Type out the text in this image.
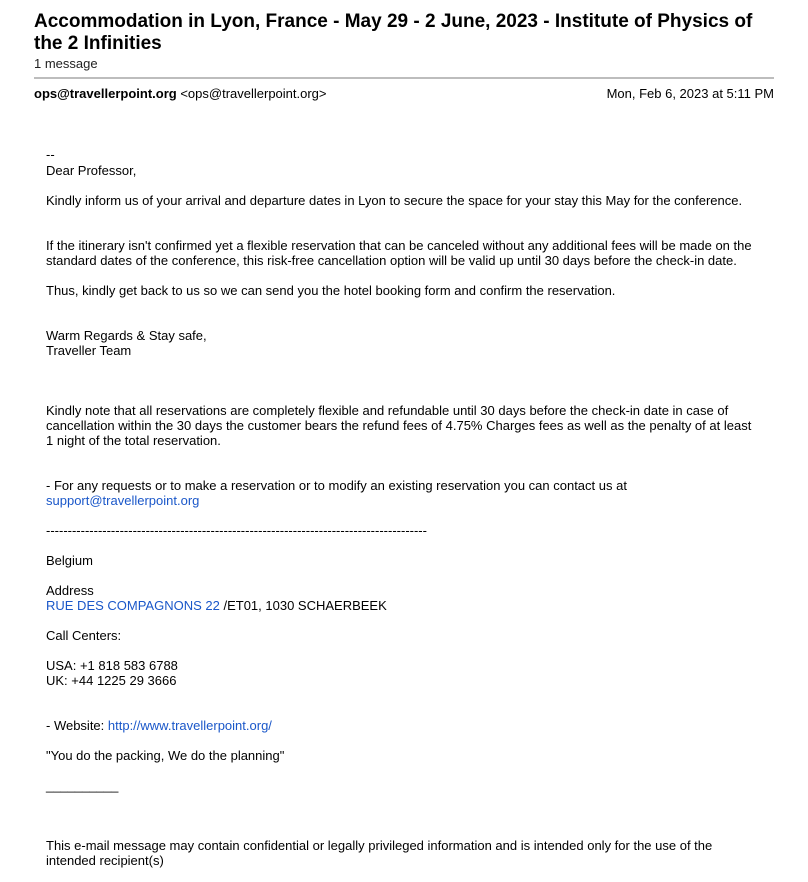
Accommodation in Lyon, France - May 29 - 2 June, 2023 - Institute of Physics of the 2 Infinities
1 message
ops@travellerpoint.org <ops@travellerpoint.org>	Mon, Feb 6, 2023 at 5:11 PM
--
Dear Professor,
Kindly inform us of your arrival and departure dates in Lyon to secure the space for your stay this May for the conference.
If the itinerary isn't confirmed yet a flexible reservation that can be canceled without any additional fees will be made on the standard dates of the conference, this risk-free cancellation option will be valid up until 30 days before the check-in date.
Thus, kindly get back to us so we can send you the hotel booking form and confirm the reservation.
Warm Regards & Stay safe,
Traveller Team
Kindly note that all reservations are completely flexible and refundable until 30 days before the check-in date in case of cancellation within the 30 days the customer bears the refund fees of 4.75% Charges fees as well as the penalty of at least 1 night of the total reservation.
- For any requests or to make a reservation or to modify an existing reservation you can contact us at
support@travellerpoint.org
----------------------------------------------------------------------------------------
Belgium
Address
RUE DES COMPAGNONS 22 /ET01, 1030 SCHAERBEEK
Call Centers:
USA: +1 818 583 6788
UK: +44 1225 29 3666
- Website: http://www.travellerpoint.org/
"You do the packing, We do the planning"
__________
This e-mail message may contain confidential or legally privileged information and is intended only for the use of the intended recipient(s)
